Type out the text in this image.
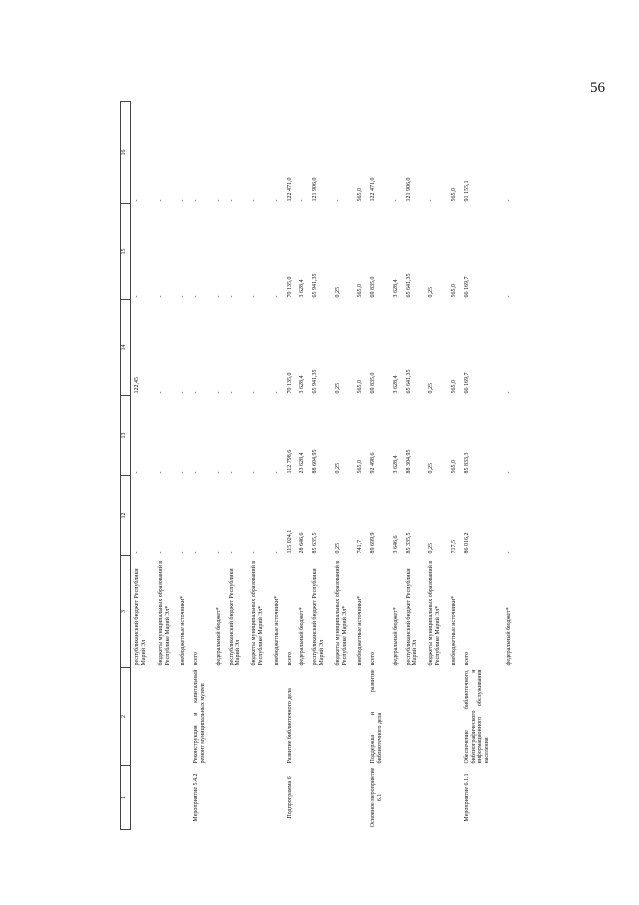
56
1	2	3	12	13	14	15	16
		республиканский бюджет Республики Марий Эл	-	-	122,45	-	-
		бюджеты муниципальных образований в Республике Марий Эл*	-	-	-	-	-
		внебюджетные источники*	-	-	-	-	-
Мероприятие 5.4.2	Реконструкция и капитальный ремонт муниципальных музеев	всего	-	-	-	-	-
		федеральный бюджет*	-	-	-	-	-
		республиканский бюджет Республики Марий Эл	-	-	-	-	-
		бюджеты муниципальных образований в Республике Марий Эл*	-	-	-	-	-
		внебюджетные источники*	-	-	-	-	-
Подпрограмма 6	Развитие библиотечного дела	всего	115 024,1	112 798,6	70 135,0	70 135,0	122 471,0
		федеральный бюджет*	28 646,6	23 628,4	3 628,4	3 628,4	-
		республиканский бюджет Республики Марий Эл	85 635,5	88 604,95	65 941,35	65 941,35	121 906,0
		бюджеты муниципальных образований в Республике Марий Эл*	0,25	0,25	0,25	0,25	-
		внебюджетные источники*	741,7	565,0	565,0	565,0	565,0
Основное мероприятие 6.1	Поддержка и развитие библиотечного дела	всего	89 699,9	92 498,6	69 835,0	69 835,0	122 471,0
		федеральный бюджет*	3 646,6	3 628,4	3 628,4	3 628,4	-
		республиканский бюджет Республики Марий Эл	85 335,5	88 304,95	65 641,35	65 641,35	121 906,0
		бюджеты муниципальных образований в Республике Марий Эл*	0,25	0,25	0,25	0,25	-
		внебюджетные источники*	717,5	565,0	565,0	565,0	565,0
Мероприятие 6.1.1	Обеспечение библиотечного, библиографического и информационного обслуживания населения	всего	86 016,2	85 833,3	66 169,7	66 169,7	91 155,1
		федеральный бюджет*	-	-	-	-	-
